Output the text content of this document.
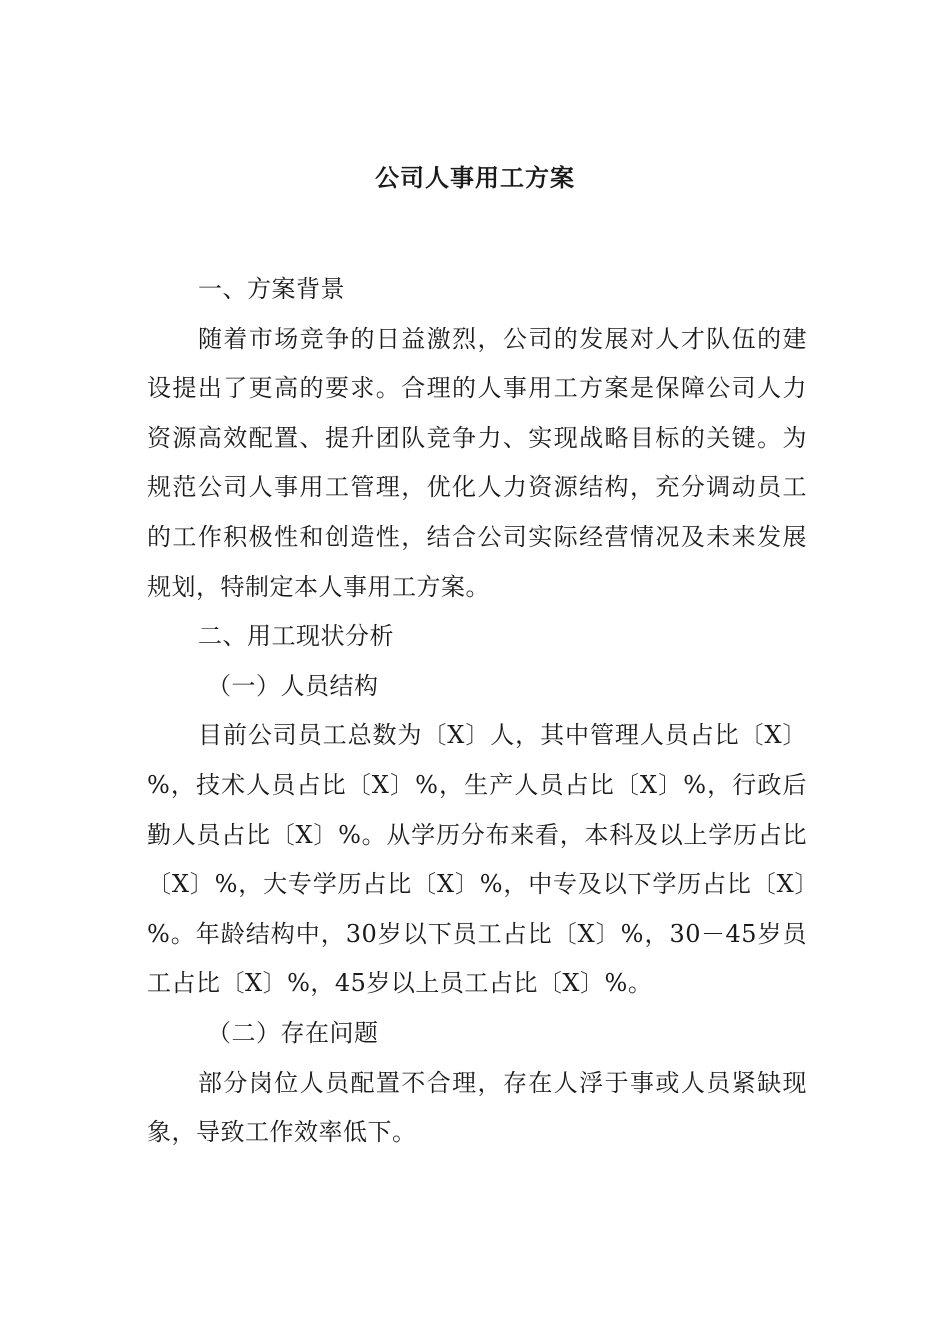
公司人事用工方案

一、方案背景

随着市场竞争的日益激烈，公司的发展对人才队伍的建设提出了更高的要求。合理的人事用工方案是保障公司人力资源高效配置、提升团队竞争力、实现战略目标的关键。为规范公司人事用工管理，优化人力资源结构，充分调动员工的工作积极性和创造性，结合公司实际经营情况及未来发展规划，特制定本人事用工方案。

二、用工现状分析

（一）人员结构

目前公司员工总数为〔X〕人，其中管理人员占比〔X〕%，技术人员占比〔X〕%，生产人员占比〔X〕%，行政后勤人员占比〔X〕%。从学历分布来看，本科及以上学历占比〔X〕%，大专学历占比〔X〕%，中专及以下学历占比〔X〕%。年龄结构中，30岁以下员工占比〔X〕%，30－45岁员工占比〔X〕%，45岁以上员工占比〔X〕%。

（二）存在问题

部分岗位人员配置不合理，存在人浮于事或人员紧缺现象，导致工作效率低下。
